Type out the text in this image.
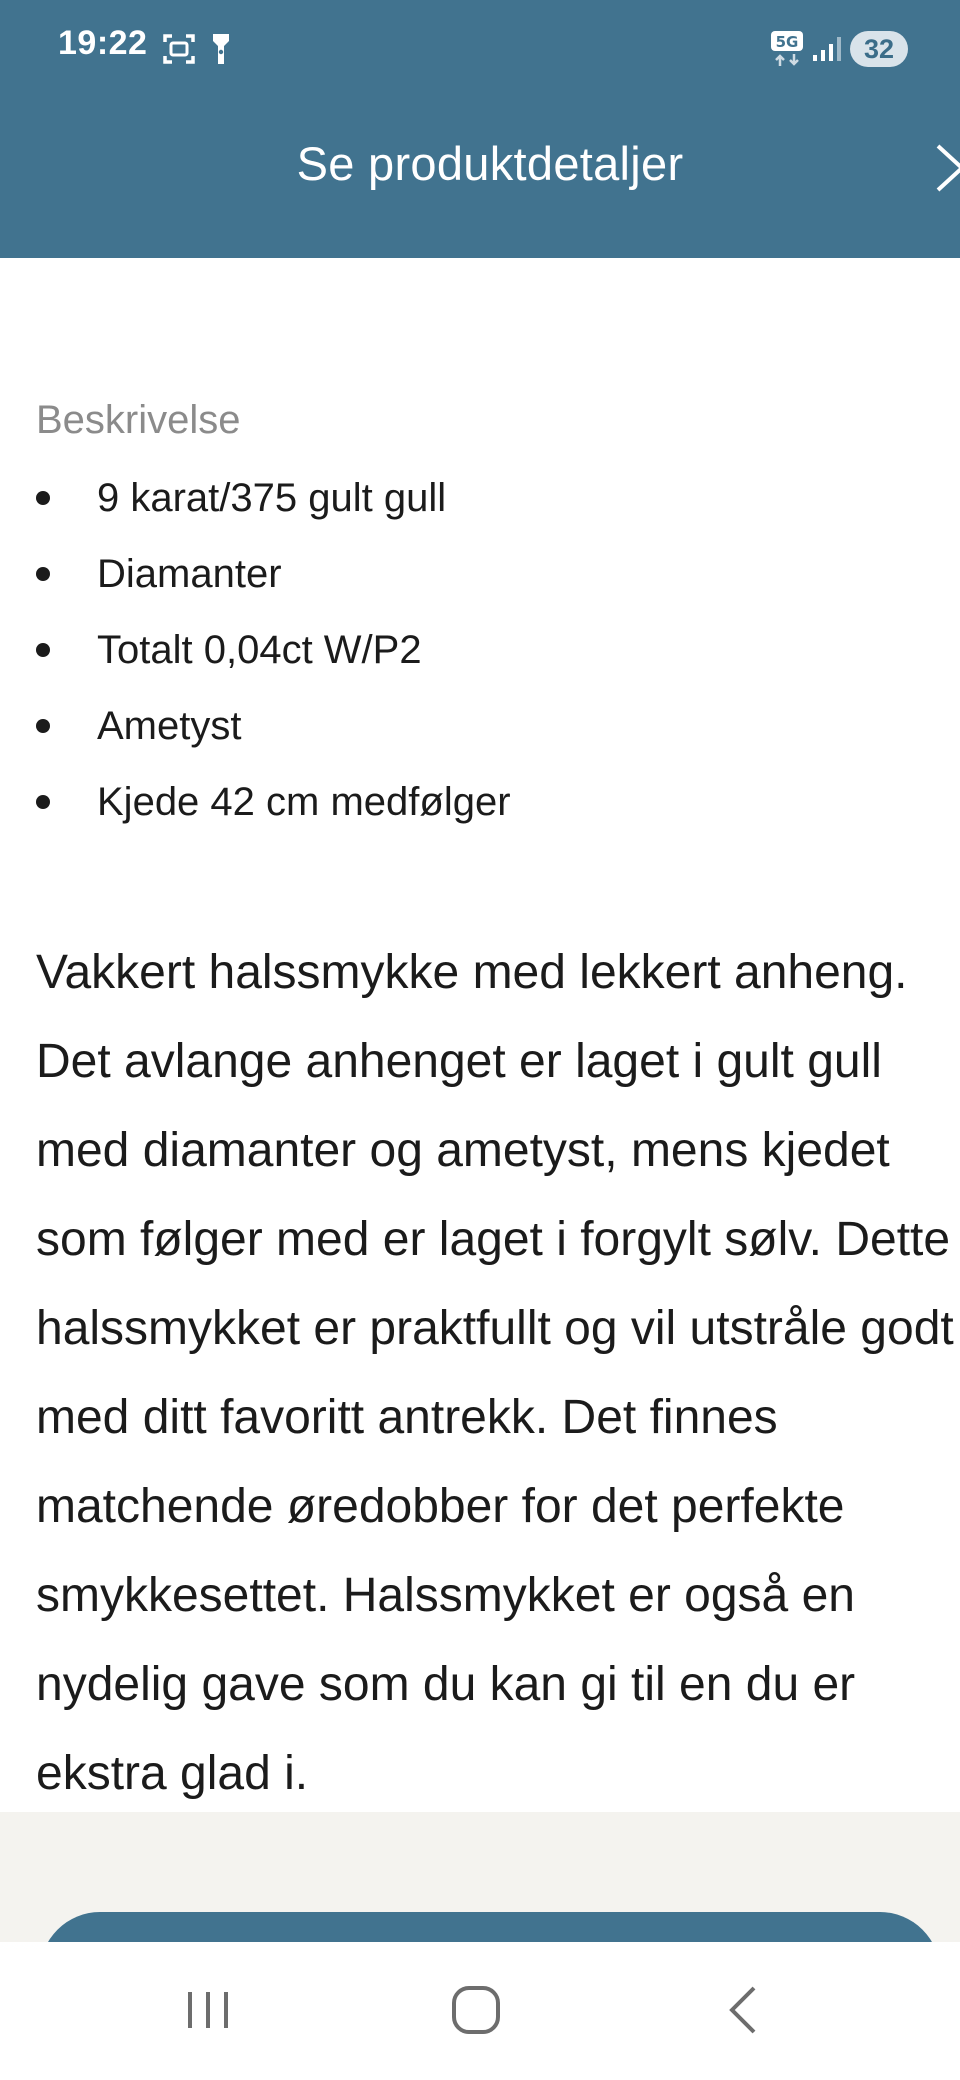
19:22	5G	32
Se produktdetaljer
Beskrivelse
9 karat/375 gult gull
Diamanter
Totalt 0,04ct W/P2
Ametyst
Kjede 42 cm medfølger

Vakkert halssmykke med lekkert anheng. Det avlange anhenget er laget i gult gull med diamanter og ametyst, mens kjedet som følger med er laget i forgylt sølv. Dette halssmykket er praktfullt og vil utstråle godt med ditt favoritt antrekk. Det finnes matchende øredobber for det perfekte smykkesettet. Halssmykket er også en nydelig gave som du kan gi til en du er ekstra glad i.
